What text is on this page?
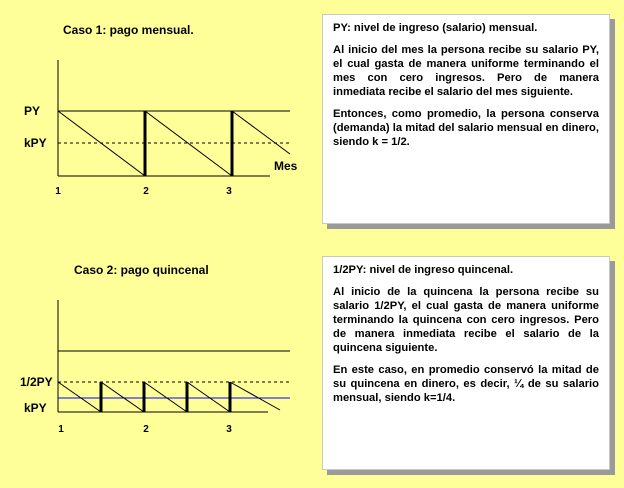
Caso 1: pago mensual.
PY
kPY
Mes
1	2	3

PY: nivel de ingreso (salario) mensual.

Al inicio del mes la persona recibe su salario PY, el cual gasta de manera uniforme terminando el mes con cero ingresos. Pero de manera inmediata recibe el salario del mes siguiente.

Entonces, como promedio, la persona conserva (demanda) la mitad del salario mensual en dinero, siendo k = 1/2.

Caso 2: pago quincenal
1/2PY
kPY
1	2	3

1/2PY: nivel de ingreso quincenal.

Al inicio de la quincena la persona recibe su salario 1/2PY, el cual gasta de manera uniforme terminando la quincena con cero ingresos. Pero de manera inmediata recibe el salario de la quincena siguiente.

En este caso, en promedio conservó la mitad de su quincena en dinero, es decir, ¼ de su salario mensual, siendo k=1/4.
